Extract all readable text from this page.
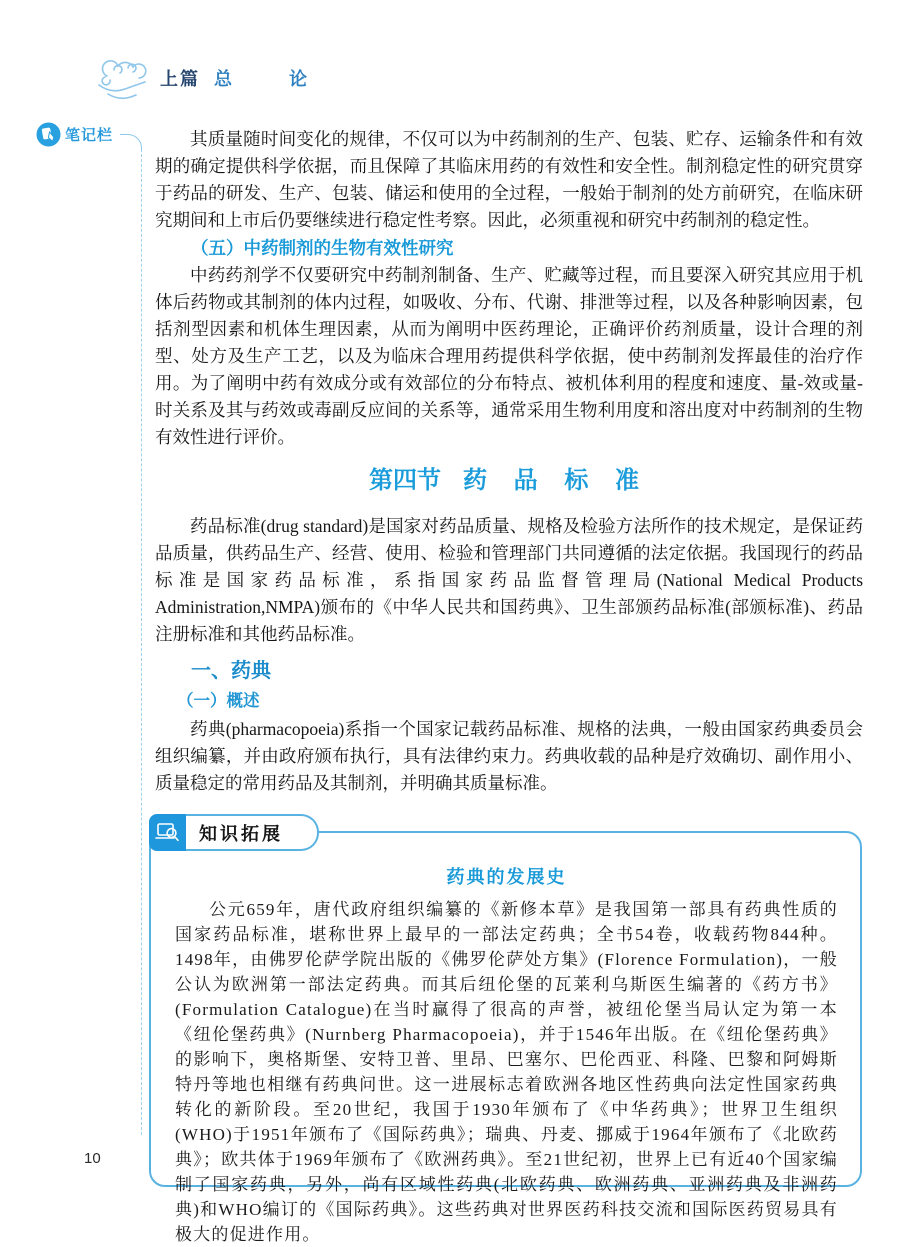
上篇 总 论
笔记栏	其质量随时间变化的规律，不仅可以为中药制剂的生产、包装、贮存、运输条件和有效期的确定提供科学依据，而且保障了其临床用药的有效性和安全性。制剂稳定性的研究贯穿于药品的研发、生产、包装、储运和使用的全过程，一般始于制剂的处方前研究，在临床研究期间和上市后仍要继续进行稳定性考察。因此，必须重视和研究中药制剂的稳定性。

（五）中药制剂的生物有效性研究

中药药剂学不仅要研究中药制剂制备、生产、贮藏等过程，而且要深入研究其应用于机体后药物或其制剂的体内过程，如吸收、分布、代谢、排泄等过程，以及各种影响因素，包括剂型因素和机体生理因素，从而为阐明中医药理论，正确评价药剂质量，设计合理的剂型、处方及生产工艺，以及为临床合理用药提供科学依据，使中药制剂发挥最佳的治疗作用。为了阐明中药有效成分或有效部位的分布特点、被机体利用的程度和速度、量-效或量-时关系及其与药效或毒副反应间的关系等，通常采用生物利用度和溶出度对中药制剂的生物有效性进行评价。

第四节 药 品 标 准

药品标准(drug standard)是国家对药品质量、规格及检验方法所作的技术规定，是保证药品质量，供药品生产、经营、使用、检验和管理部门共同遵循的法定依据。我国现行的药品标准是国家药品标准，系指国家药品监督管理局(National Medical Products Administration,NMPA)颁布的《中华人民共和国药典》、卫生部颁药品标准(部颁标准)、药品注册标准和其他药品标准。

一、药典
（一）概述

药典(pharmacopoeia)系指一个国家记载药品标准、规格的法典，一般由国家药典委员会组织编纂，并由政府颁布执行，具有法律约束力。药典收载的品种是疗效确切、副作用小、质量稳定的常用药品及其制剂，并明确其质量标准。

知识拓展
药典的发展史

公元659年，唐代政府组织编纂的《新修本草》是我国第一部具有药典性质的国家药品标准，堪称世界上最早的一部法定药典；全书54卷，收载药物844种。1498年，由佛罗伦萨学院出版的《佛罗伦萨处方集》(Florence Formulation)，一般公认为欧洲第一部法定药典。而其后纽伦堡的瓦莱利乌斯医生编著的《药方书》(Formulation Catalogue)在当时赢得了很高的声誉，被纽伦堡当局认定为第一本《纽伦堡药典》(Nurnberg Pharmacopoeia)，并于1546年出版。在《纽伦堡药典》的影响下，奥格斯堡、安特卫普、里昂、巴塞尔、巴伦西亚、科隆、巴黎和阿姆斯特丹等地也相继有药典问世。这一进展标志着欧洲各地区性药典向法定性国家药典转化的新阶段。至20世纪，我国于1930年颁布了《中华药典》；世界卫生组织(WHO)于1951年颁布了《国际药典》；瑞典、丹麦、挪威于1964年颁布了《北欧药典》；欧共体于1969年颁布了《欧洲药典》。至21世纪初，世界上已有近40个国家编制了国家药典，另外，尚有区域性药典(北欧药典、欧洲药典、亚洲药典及非洲药典)和WHO编订的《国际药典》。这些药典对世界医药科技交流和国际医药贸易具有极大的促进作用。

10
